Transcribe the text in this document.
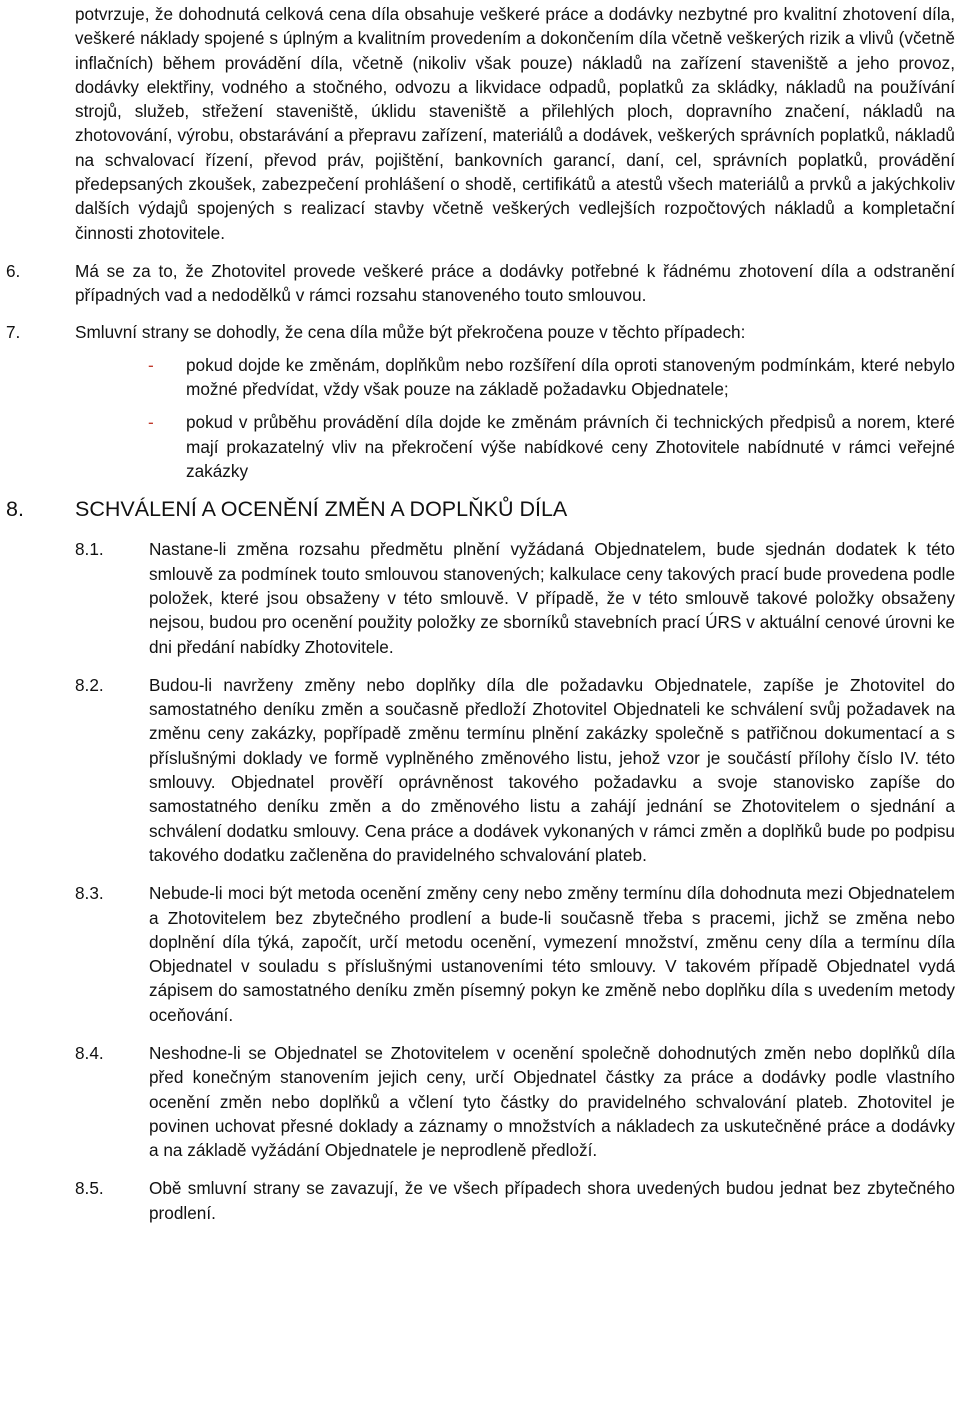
potvrzuje, že dohodnutá celková cena díla obsahuje veškeré práce a dodávky nezbytné pro kvalitní zhotovení díla, veškeré náklady spojené s úplným a kvalitním provedením a dokončením díla včetně veškerých rizik a vlivů (včetně inflačních) během provádění díla, včetně (nikoliv však pouze) nákladů na zařízení staveniště a jeho provoz, dodávky elektřiny, vodného a stočného, odvozu a likvidace odpadů, poplatků za skládky, nákladů na používání strojů, služeb, střežení staveniště, úklidu staveniště a přilehlých ploch, dopravního značení, nákladů na zhotovování, výrobu, obstarávání a přepravu zařízení, materiálů a dodávek, veškerých správních poplatků, nákladů na schvalovací řízení, převod práv, pojištění, bankovních garancí, daní, cel, správních poplatků, provádění předepsaných zkoušek, zabezpečení prohlášení o shodě, certifikátů a atestů všech materiálů a prvků a jakýchkoliv dalších výdajů spojených s realizací stavby včetně veškerých vedlejších rozpočtových nákladů a kompletační činnosti zhotovitele.

6.	Má se za to, že Zhotovitel provede veškeré práce a dodávky potřebné k řádnému zhotovení díla a odstranění případných vad a nedodělků v rámci rozsahu stanoveného touto smlouvou.

7.	Smluvní strany se dohodly, že cena díla může být překročena pouze v těchto případech:

- pokud dojde ke změnám, doplňkům nebo rozšíření díla oproti stanoveným podmínkám, které nebylo možné předvídat, vždy však pouze na základě požadavku Objednatele;
- pokud v průběhu provádění díla dojde ke změnám právních či technických předpisů a norem, které mají prokazatelný vliv na překročení výše nabídkové ceny Zhotovitele nabídnuté v rámci veřejné zakázky
8. SCHVÁLENÍ A OCENĚNÍ ZMĚN A DOPLŇKŮ DÍLA
8.1.	Nastane-li změna rozsahu předmětu plnění vyžádaná Objednatelem, bude sjednán dodatek k této smlouvě za podmínek touto smlouvou stanovených; kalkulace ceny takových prací bude provedena podle položek, které jsou obsaženy v této smlouvě. V případě, že v této smlouvě takové položky obsaženy nejsou, budou pro ocenění použity položky ze sborníků stavebních prací ÚRS v aktuální cenové úrovni ke dni předání nabídky Zhotovitele.
8.2.	Budou-li navrženy změny nebo doplňky díla dle požadavku Objednatele, zapíše je Zhotovitel do samostatného deníku změn a současně předloží Zhotovitel Objednateli ke schválení svůj požadavek na změnu ceny zakázky, popřípadě změnu termínu plnění zakázky společně s patřičnou dokumentací a s příslušnými doklady ve formě vyplněného změnového listu, jehož vzor je součástí přílohy číslo IV. této smlouvy. Objednatel prověří oprávněnost takového požadavku a svoje stanovisko zapíše do samostatného deníku změn a do změnového listu a zahájí jednání se Zhotovitelem o sjednání a schválení dodatku smlouvy. Cena práce a dodávek vykonaných v rámci změn a doplňků bude po podpisu takového dodatku začleněna do pravidelného schvalování plateb.
8.3.	Nebude-li moci být metoda ocenění změny ceny nebo změny termínu díla dohodnuta mezi Objednatelem a Zhotovitelem bez zbytečného prodlení a bude-li současně třeba s pracemi, jichž se změna nebo doplnění díla týká, započít, určí metodu ocenění, vymezení množství, změnu ceny díla a termínu díla Objednatel v souladu s příslušnými ustanoveními této smlouvy. V takovém případě Objednatel vydá zápisem do samostatného deníku změn písemný pokyn ke změně nebo doplňku díla s uvedením metody oceňování.
8.4.	Neshodne-li se Objednatel se Zhotovitelem v ocenění společně dohodnutých změn nebo doplňků díla před konečným stanovením jejich ceny, určí Objednatel částky za práce a dodávky podle vlastního ocenění změn nebo doplňků a včlení tyto částky do pravidelného schvalování plateb. Zhotovitel je povinen uchovat přesné doklady a záznamy o množstvích a nákladech za uskutečněné práce a dodávky a na základě vyžádání Objednatele je neprodleně předloží.
8.5.	Obě smluvní strany se zavazují, že ve všech případech shora uvedených budou jednat bez zbytečného prodlení.
